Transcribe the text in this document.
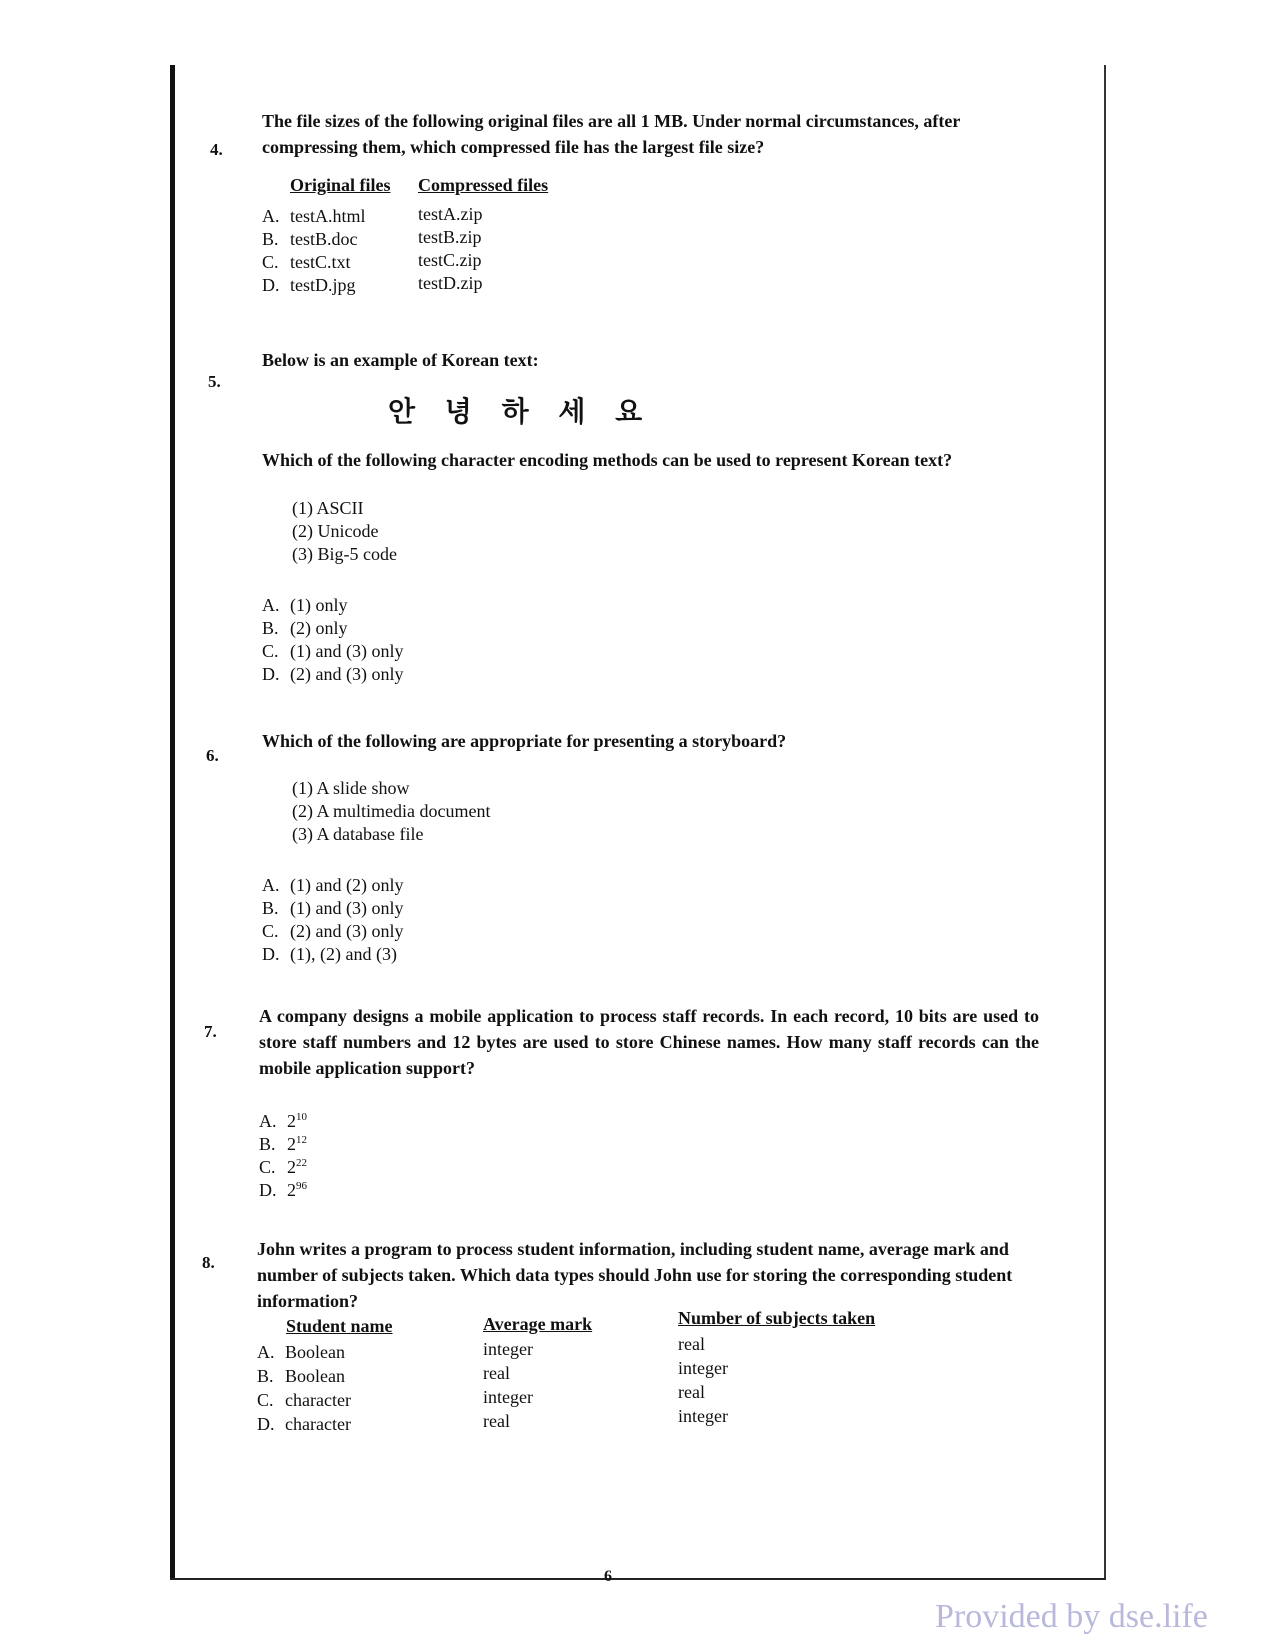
4.
The file sizes of the following original files are all 1 MB. Under normal circumstances, after compressing them, which compressed file has the largest file size?
Original files Compressed files
A. testA.html	testA.zip
B. testB.doc	testB.zip
C. testC.txt	testC.zip
D. testD.jpg	testD.zip
5.
Below is an example of Korean text:
안 녕 하 세 요
Which of the following character encoding methods can be used to represent Korean text?
(1) ASCII
(2) Unicode
(3) Big-5 code
A. (1) only
B. (2) only
C. (1) and (3) only
D. (2) and (3) only
6.
Which of the following are appropriate for presenting a storyboard?
(1) A slide show
(2) A multimedia document
(3) A database file
A. (1) and (2) only
B. (1) and (3) only
C. (2) and (3) only
D. (1), (2) and (3)
7.
A company designs a mobile application to process staff records. In each record, 10 bits are used to store staff numbers and 12 bytes are used to store Chinese names. How many staff records can the mobile application support?
A. $2^{10}$
B. $2^{12}$
C. $2^{22}$
D. $2^{96}$
8.
John writes a program to process student information, including student name, average mark and number of subjects taken. Which data types should John use for storing the corresponding student information?
Student name	Average mark	Number of subjects taken
A. Boolean	integer	real
B. Boolean	real	integer
C. character	integer	real
D. character	real	integer
6
Provided by dse.life
